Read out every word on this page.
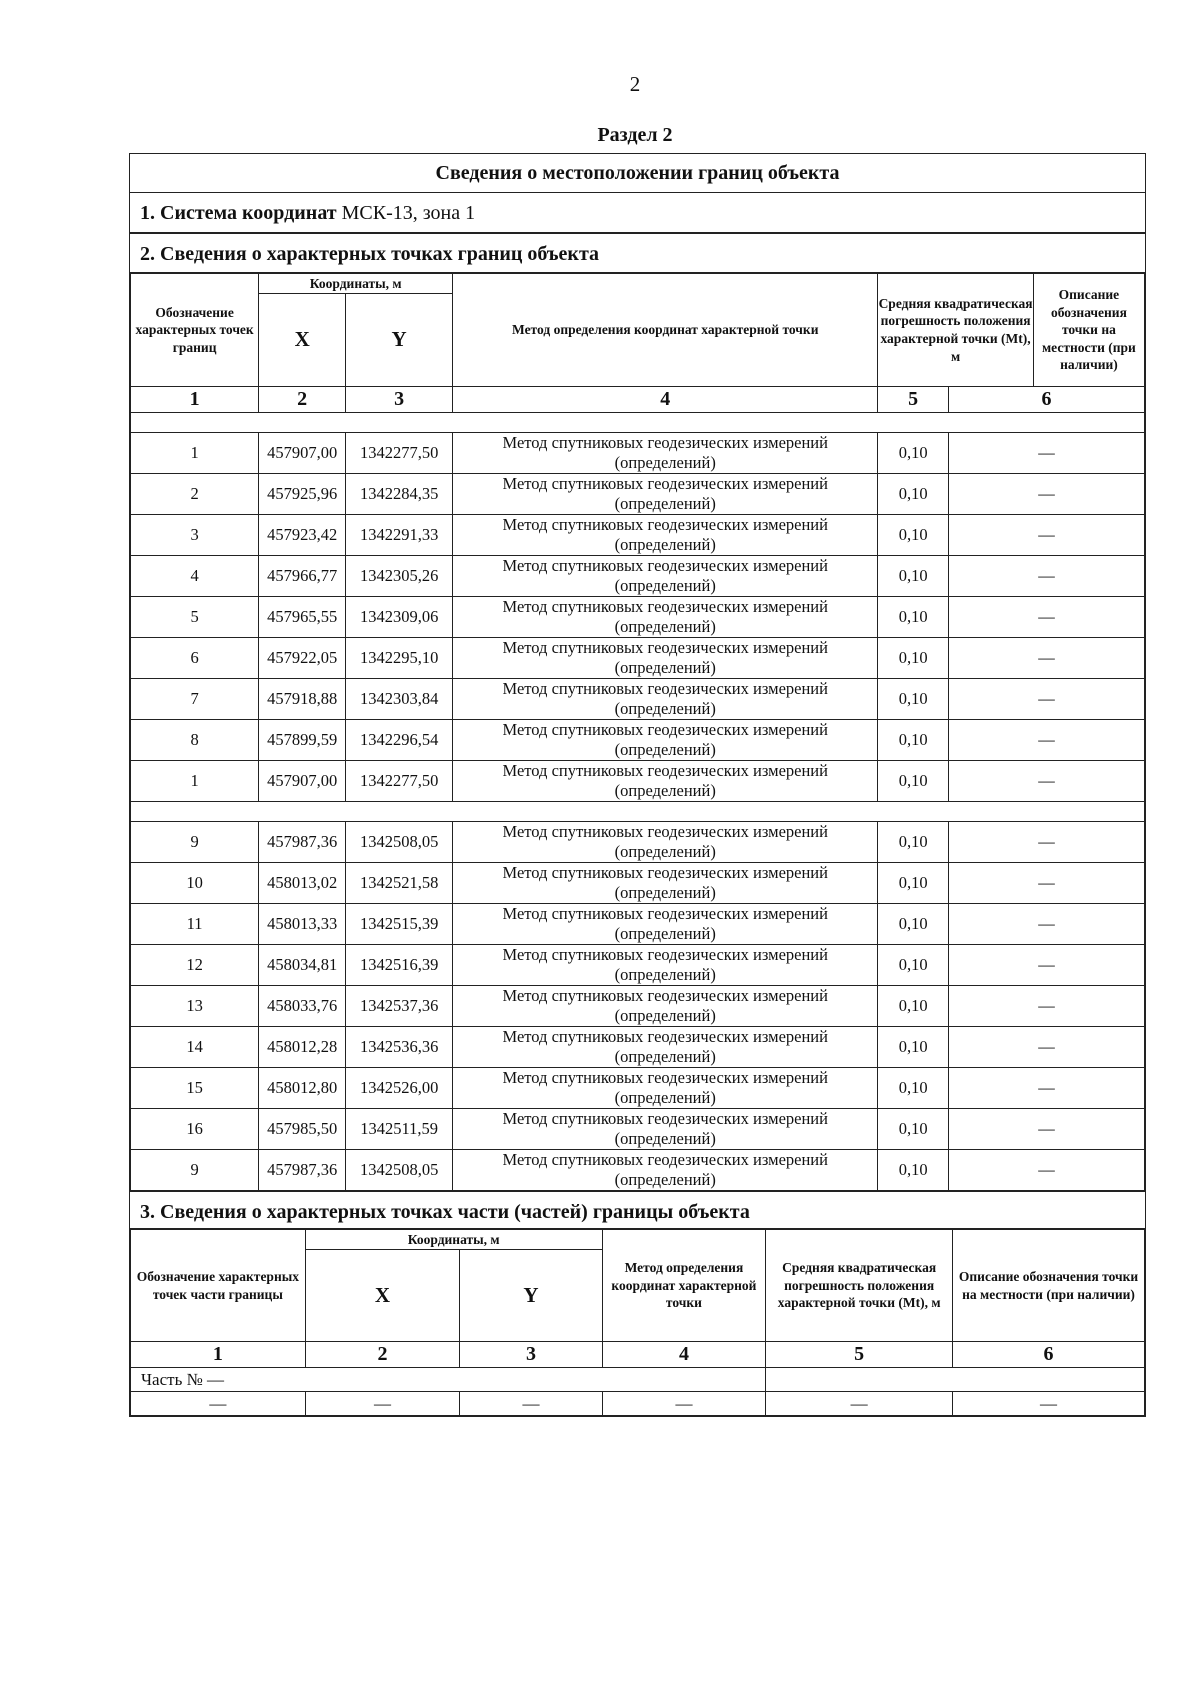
2
Раздел 2
Сведения о местоположении границ объекта
1. Система координат МСК-13, зона 1
2. Сведения о характерных точках границ объекта
Обозначение характерных точек границ	Координаты, м	Метод определения координат характерной точки	
Средняя квадратическая погрешность положения характерной точки (Mt), м	Описание обозначения точки на местности (при наличии)

X	Y
1	2	3	4	5	6

1	457907,00	1342277,50	Метод спутниковых геодезических измерений (определений)	0,10	—
2	457925,96	1342284,35	Метод спутниковых геодезических измерений (определений)	0,10	—
3	457923,42	1342291,33	Метод спутниковых геодезических измерений (определений)	0,10	—
4	457966,77	1342305,26	Метод спутниковых геодезических измерений (определений)	0,10	—
5	457965,55	1342309,06	Метод спутниковых геодезических измерений (определений)	0,10	—
6	457922,05	1342295,10	Метод спутниковых геодезических измерений (определений)	0,10	—
7	457918,88	1342303,84	Метод спутниковых геодезических измерений (определений)	0,10	—
8	457899,59	1342296,54	Метод спутниковых геодезических измерений (определений)	0,10	—
1	457907,00	1342277,50	Метод спутниковых геодезических измерений (определений)	0,10	—

9	457987,36	1342508,05	Метод спутниковых геодезических измерений (определений)	0,10	—
10	458013,02	1342521,58	Метод спутниковых геодезических измерений (определений)	0,10	—
11	458013,33	1342515,39	Метод спутниковых геодезических измерений (определений)	0,10	—
12	458034,81	1342516,39	Метод спутниковых геодезических измерений (определений)	0,10	—
13	458033,76	1342537,36	Метод спутниковых геодезических измерений (определений)	0,10	—
14	458012,28	1342536,36	Метод спутниковых геодезических измерений (определений)	0,10	—
15	458012,80	1342526,00	Метод спутниковых геодезических измерений (определений)	0,10	—
16	457985,50	1342511,59	Метод спутниковых геодезических измерений (определений)	0,10	—
9	457987,36	1342508,05	Метод спутниковых геодезических измерений (определений)	0,10	—
3. Сведения о характерных точках части (частей) границы объекта
Обозначение характерных точек части границы	Координаты, м		Метод определения координат характерной точки	Средняя квадратическая погрешность положения характерной точки (Mt), м	Описание обозначения точки на местности (при наличии)
	X	Y			
1	2	3	4	5	6
Часть № —					
—	—	—	—	—	—
